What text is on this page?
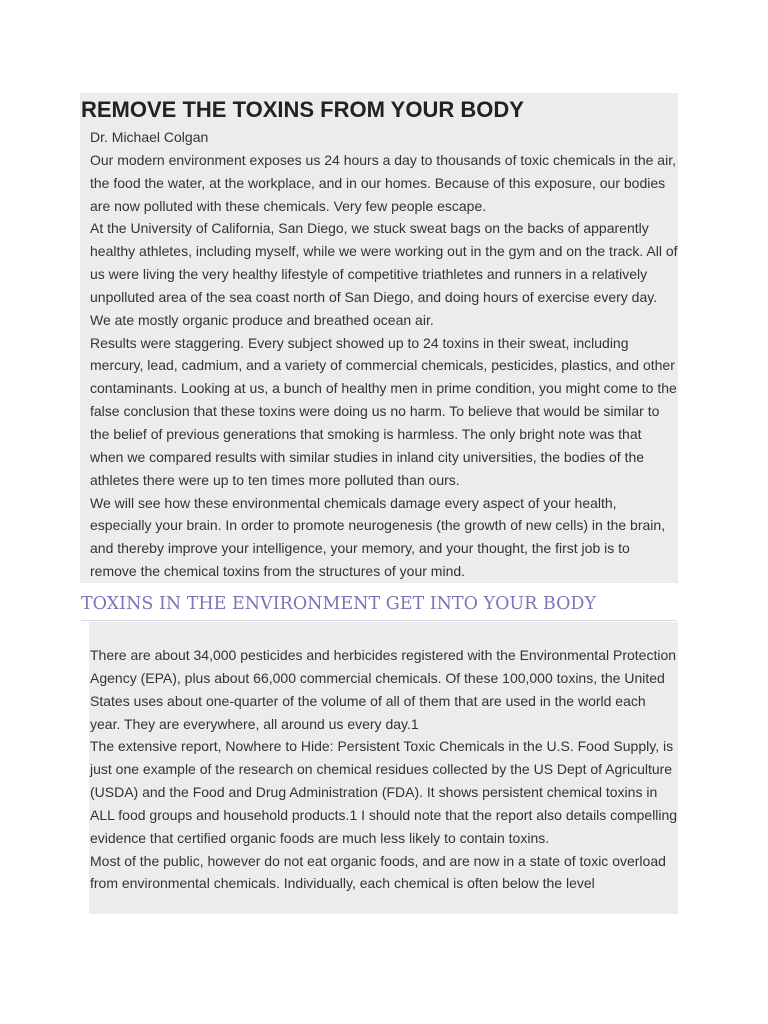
REMOVE THE TOXINS FROM YOUR BODY

Dr. Michael Colgan

Our modern environment exposes us 24 hours a day to thousands of toxic chemicals in the air, the food the water, at the workplace, and in our homes. Because of this exposure, our bodies are now polluted with these chemicals. Very few people escape.

At the University of California, San Diego, we stuck sweat bags on the backs of apparently healthy athletes, including myself, while we were working out in the gym and on the track. All of us were living the very healthy lifestyle of competitive triathletes and runners in a relatively unpolluted area of the sea coast north of San Diego, and doing hours of exercise every day. We ate mostly organic produce and breathed ocean air.

Results were staggering. Every subject showed up to 24 toxins in their sweat, including mercury, lead, cadmium, and a variety of commercial chemicals, pesticides, plastics, and other contaminants. Looking at us, a bunch of healthy men in prime condition, you might come to the false conclusion that these toxins were doing us no harm. To believe that would be similar to the belief of previous generations that smoking is harmless. The only bright note was that when we compared results with similar studies in inland city universities, the bodies of the athletes there were up to ten times more polluted than ours.

We will see how these environmental chemicals damage every aspect of your health, especially your brain. In order to promote neurogenesis (the growth of new cells) in the brain, and thereby improve your intelligence, your memory, and your thought, the first job is to remove the chemical toxins from the structures of your mind.

TOXINS IN THE ENVIRONMENT GET INTO YOUR BODY

There are about 34,000 pesticides and herbicides registered with the Environmental Protection Agency (EPA), plus about 66,000 commercial chemicals. Of these 100,000 toxins, the United States uses about one-quarter of the volume of all of them that are used in the world each year. They are everywhere, all around us every day.1

The extensive report, Nowhere to Hide: Persistent Toxic Chemicals in the U.S. Food Supply, is just one example of the research on chemical residues collected by the US Dept of Agriculture (USDA) and the Food and Drug Administration (FDA). It shows persistent chemical toxins in ALL food groups and household products.1 I should note that the report also details compelling evidence that certified organic foods are much less likely to contain toxins.

Most of the public, however do not eat organic foods, and are now in a state of toxic overload from environmental chemicals. Individually, each chemical is often below the level
